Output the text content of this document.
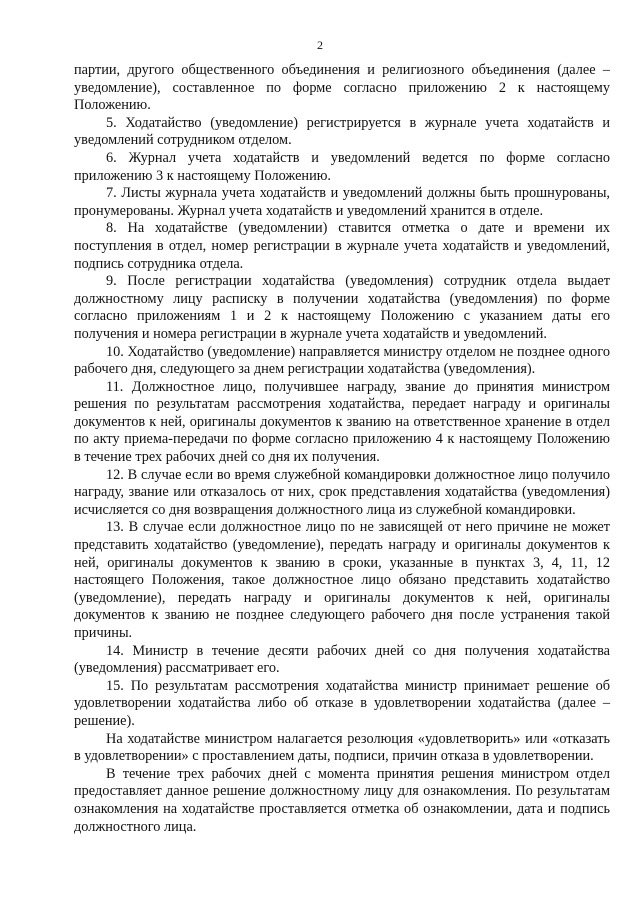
2

партии, другого общественного объединения и религиозного объединения (далее – уведомление), составленное по форме согласно приложению 2 к настоящему Положению.

5. Ходатайство (уведомление) регистрируется в журнале учета ходатайств и уведомлений сотрудником отделом.

6. Журнал учета ходатайств и уведомлений ведется по форме согласно приложению 3 к настоящему Положению.

7. Листы журнала учета ходатайств и уведомлений должны быть прошнурованы, пронумерованы. Журнал учета ходатайств и уведомлений хранится в отделе.

8. На ходатайстве (уведомлении) ставится отметка о дате и времени их поступления в отдел, номер регистрации в журнале учета ходатайств и уведомлений, подпись сотрудника отдела.

9. После регистрации ходатайства (уведомления) сотрудник отдела выдает должностному лицу расписку в получении ходатайства (уведомления) по форме согласно приложениям 1 и 2 к настоящему Положению с указанием даты его получения и номера регистрации в журнале учета ходатайств и уведомлений.

10. Ходатайство (уведомление) направляется министру отделом не позднее одного рабочего дня, следующего за днем регистрации ходатайства (уведомления).

11. Должностное лицо, получившее награду, звание до принятия министром решения по результатам рассмотрения ходатайства, передает награду и оригиналы документов к ней, оригиналы документов к званию на ответственное хранение в отдел по акту приема-передачи по форме согласно приложению 4 к настоящему Положению в течение трех рабочих дней со дня их получения.

12. В случае если во время служебной командировки должностное лицо получило награду, звание или отказалось от них, срок представления ходатайства (уведомления) исчисляется со дня возвращения должностного лица из служебной командировки.

13. В случае если должностное лицо по не зависящей от него причине не может представить ходатайство (уведомление), передать награду и оригиналы документов к ней, оригиналы документов к званию в сроки, указанные в пунктах 3, 4, 11, 12 настоящего Положения, такое должностное лицо обязано представить ходатайство (уведомление), передать награду и оригиналы документов к ней, оригиналы документов к званию не позднее следующего рабочего дня после устранения такой причины.

14. Министр в течение десяти рабочих дней со дня получения ходатайства (уведомления) рассматривает его.

15. По результатам рассмотрения ходатайства министр принимает решение об удовлетворении ходатайства либо об отказе в удовлетворении ходатайства (далее – решение).

На ходатайстве министром налагается резолюция «удовлетворить» или «отказать в удовлетворении» с проставлением даты, подписи, причин отказа в удовлетворении.

В течение трех рабочих дней с момента принятия решения министром отдел предоставляет данное решение должностному лицу для ознакомления. По результатам ознакомления на ходатайстве проставляется отметка об ознакомлении, дата и подпись должностного лица.
